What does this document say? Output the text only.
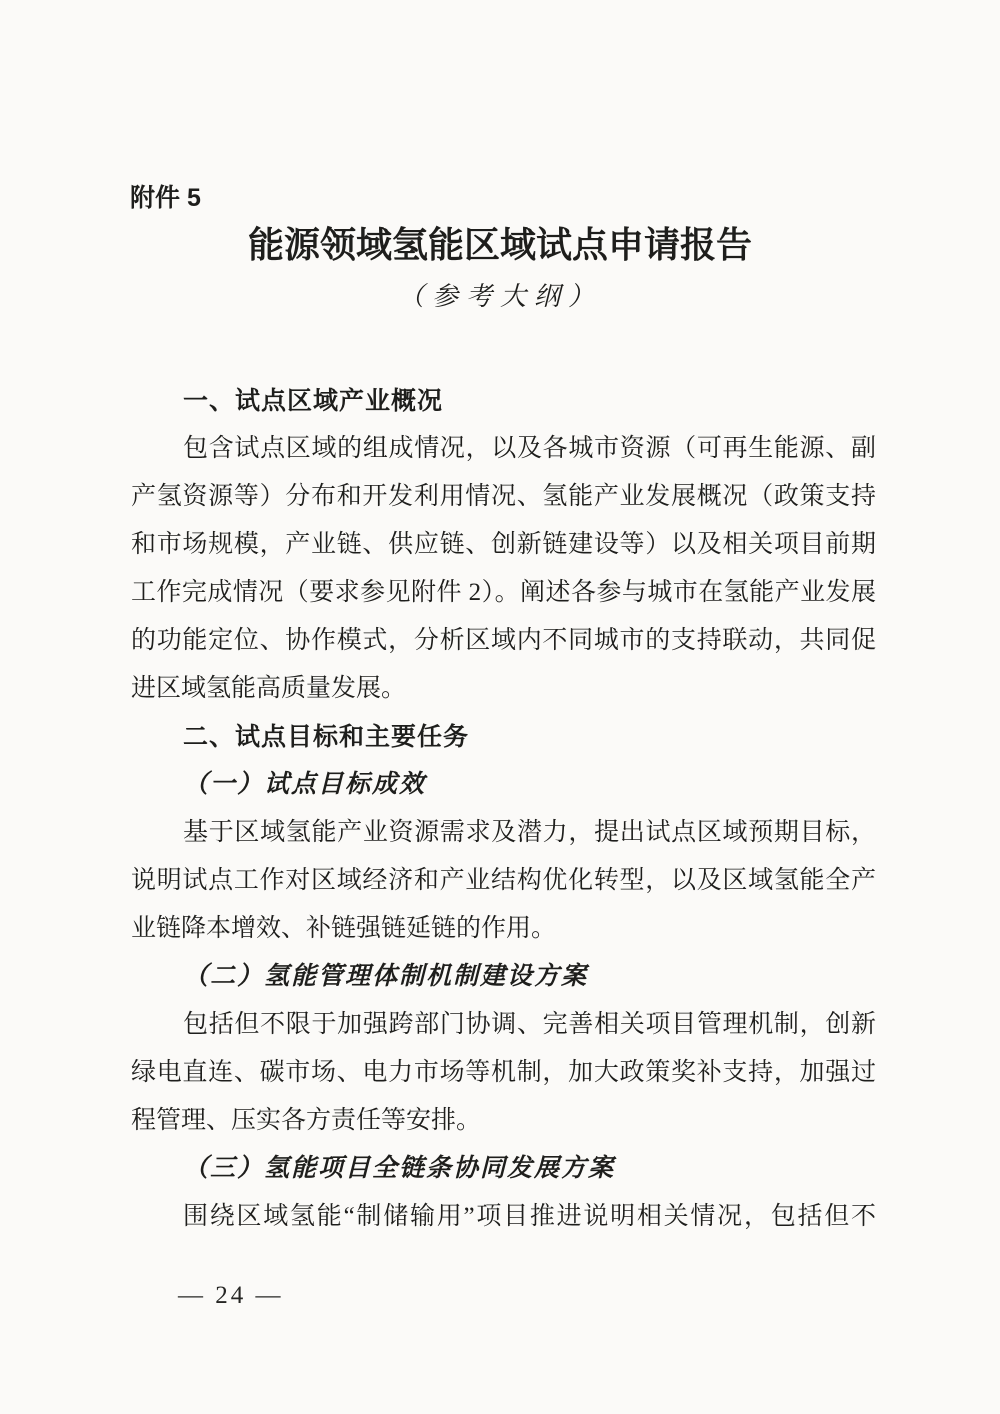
附件 5
能源领域氢能区域试点申请报告
（参考大纲）
一、试点区域产业概况
包含试点区域的组成情况，以及各城市资源（可再生能源、副
产氢资源等）分布和开发利用情况、氢能产业发展概况（政策支持
和市场规模，产业链、供应链、创新链建设等）以及相关项目前期
工作完成情况（要求参见附件 2）。阐述各参与城市在氢能产业发展
的功能定位、协作模式，分析区域内不同城市的支持联动，共同促
进区域氢能高质量发展。
二、试点目标和主要任务
（一）试点目标成效
基于区域氢能产业资源需求及潜力，提出试点区域预期目标，
说明试点工作对区域经济和产业结构优化转型，以及区域氢能全产
业链降本增效、补链强链延链的作用。
（二）氢能管理体制机制建设方案
包括但不限于加强跨部门协调、完善相关项目管理机制，创新
绿电直连、碳市场、电力市场等机制，加大政策奖补支持，加强过
程管理、压实各方责任等安排。
（三）氢能项目全链条协同发展方案
围绕区域氢能“制储输用”项目推进说明相关情况，包括但不
— 24 —
